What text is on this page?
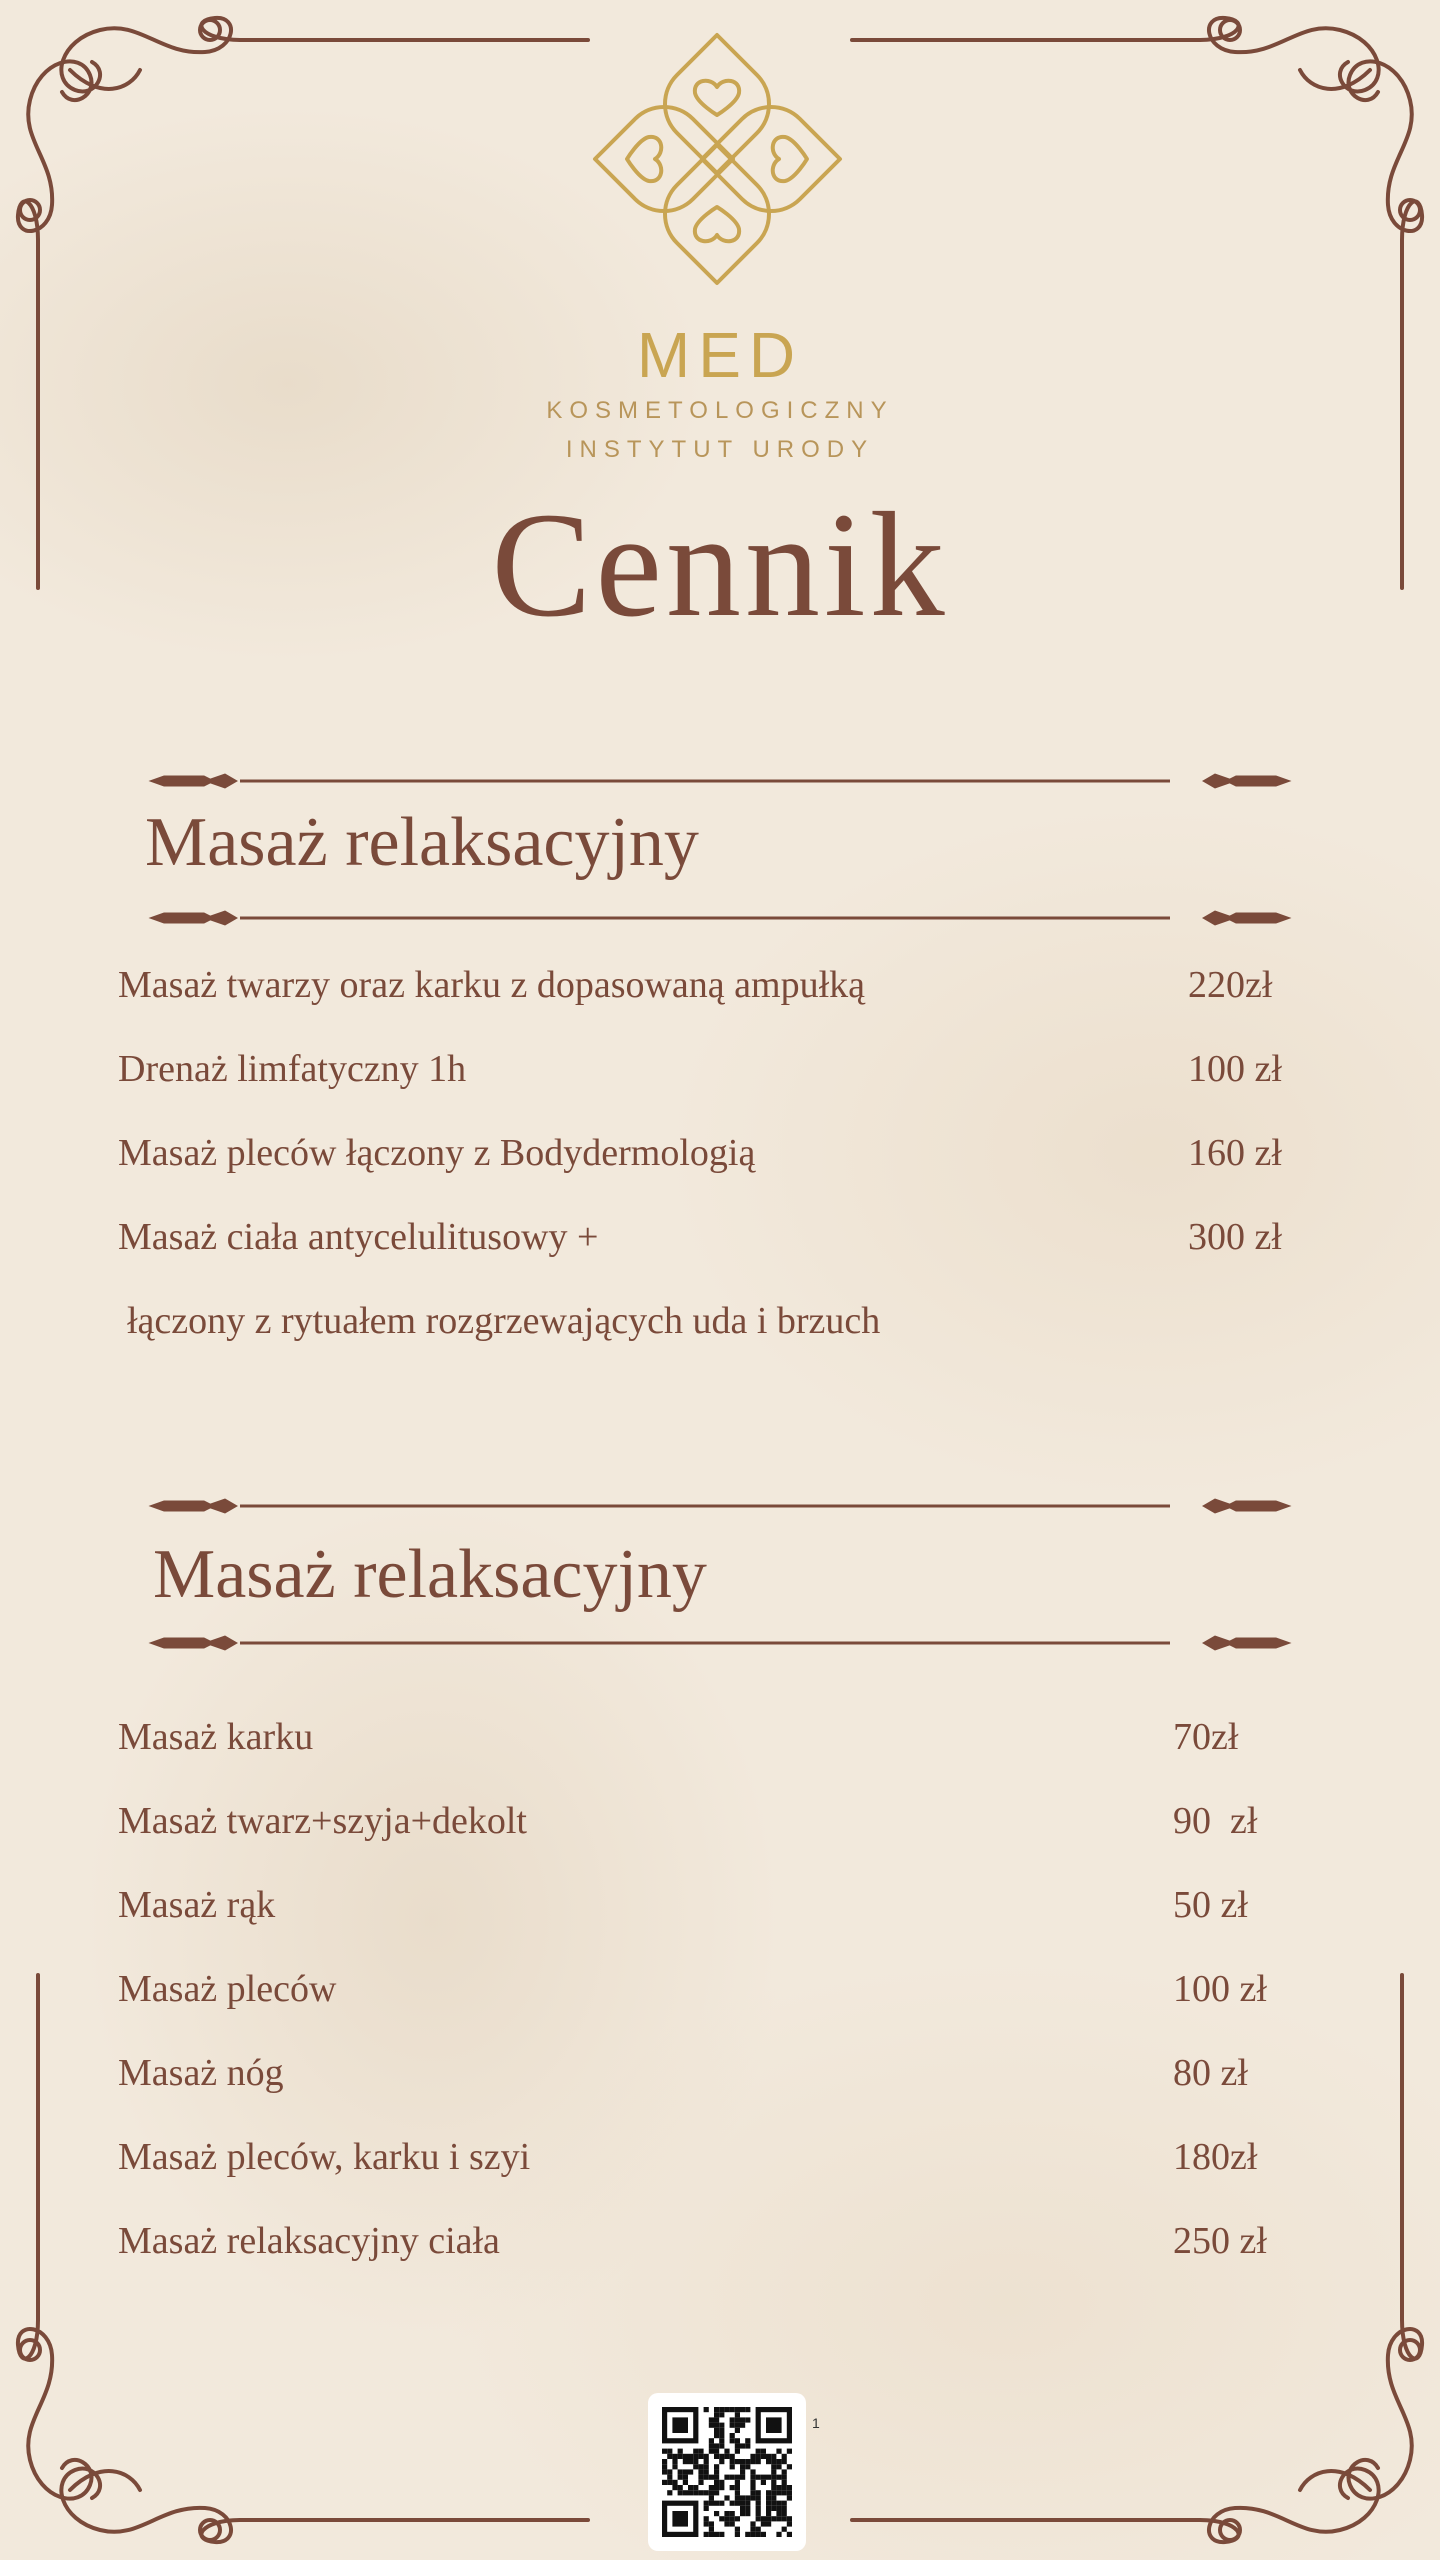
MED
KOSMETOLOGICZNY
INSTYTUT URODY
Cennik
Masaż relaksacyjny
Masaż twarzy oraz karku z dopasowaną ampułką	220zł
Drenaż limfatyczny 1h	100 zł
Masaż pleców łączony z Bodydermologią	160 zł
Masaż ciała antycelulitusowy +	300 zł
łączony z rytuałem rozgrzewających uda i brzuch
Masaż relaksacyjny
Masaż karku	70zł
Masaż twarz+szyja+dekolt	90  zł
Masaż rąk	50 zł
Masaż pleców	100 zł
Masaż nóg	80 zł
Masaż pleców, karku i szyi	180zł
Masaż relaksacyjny ciała	250 zł
1
